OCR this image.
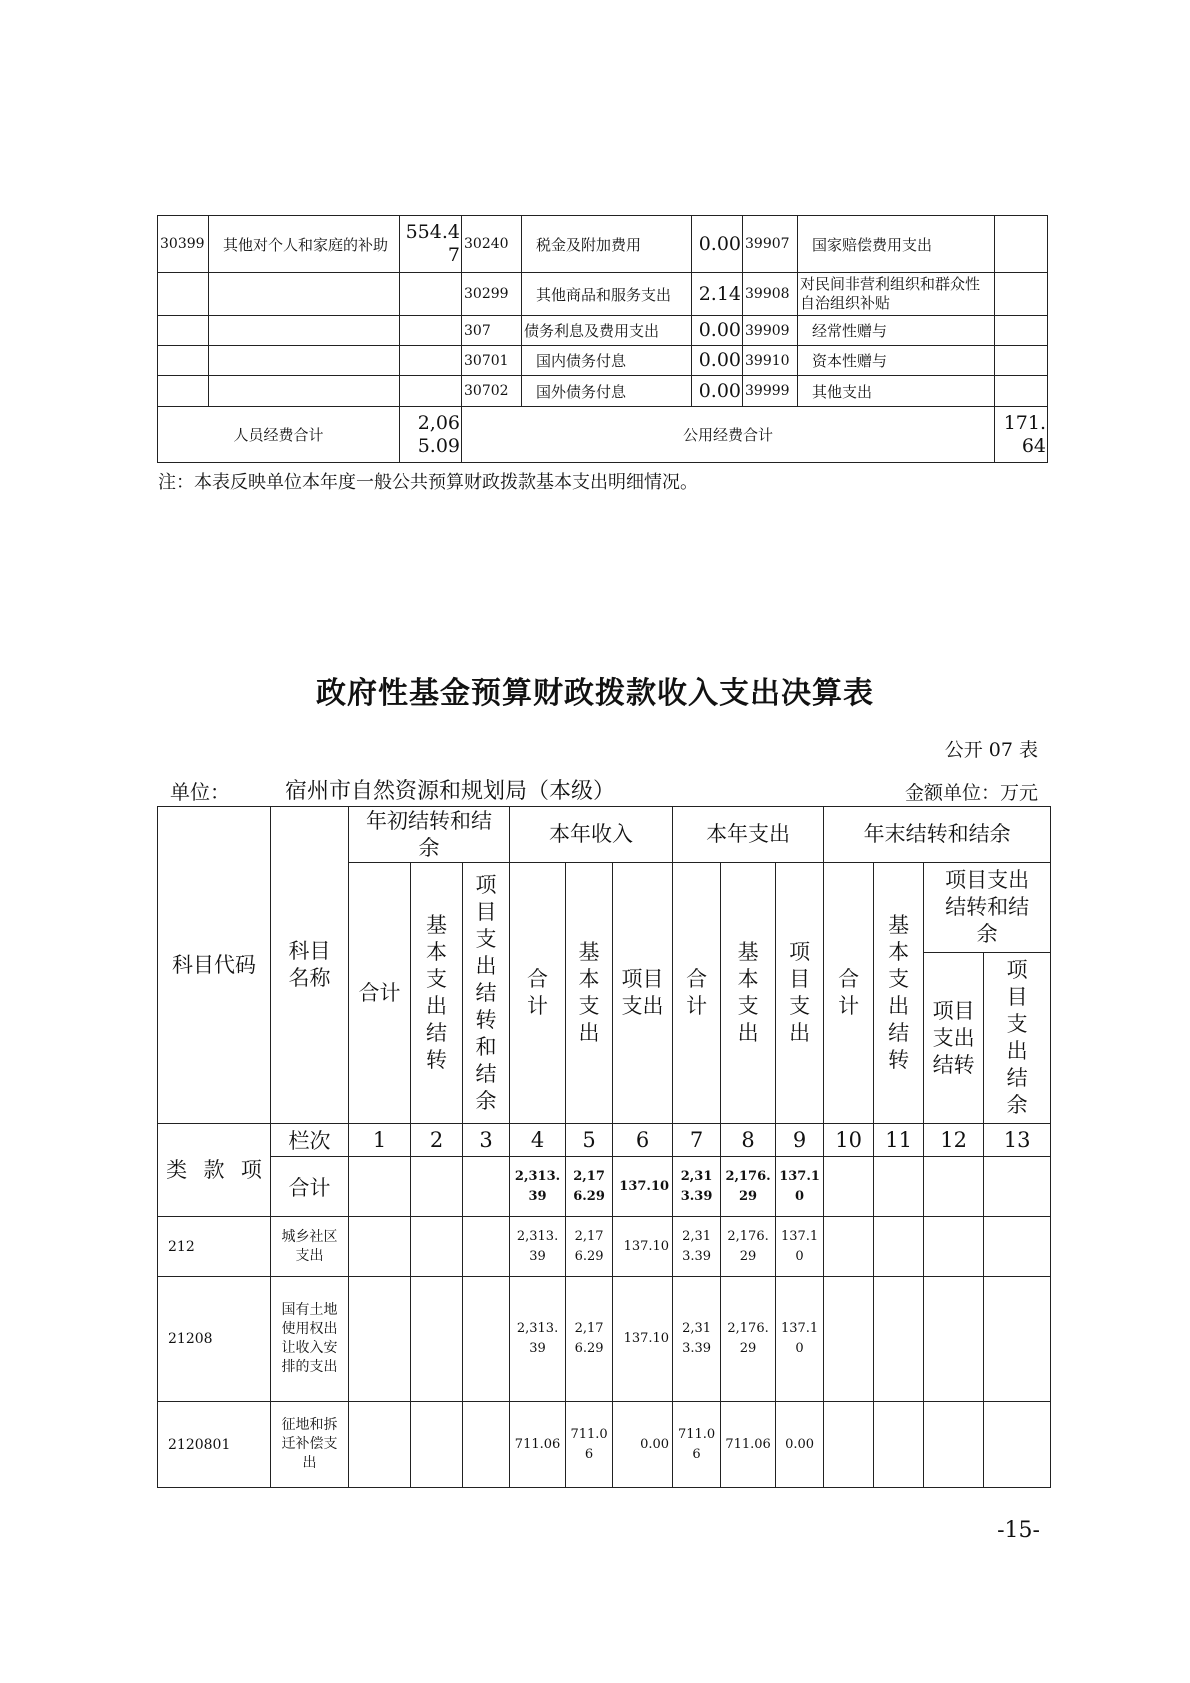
30399	其他对个人和家庭的补助	554.47	30240	税金及附加费用	0.00	39907	国家赔偿费用支出	
			30299	其他商品和服务支出	2.14	39908	对民间非营利组织和群众性自治组织补贴	
			307	债务利息及费用支出	0.00	39909	经常性赠与	
			30701	国内债务付息	0.00	39910	资本性赠与	
			30702	国外债务付息	0.00	39999	其他支出	
人员经费合计		2,065.09	公用经费合计					171.64
注：本表反映单位本年度一般公共预算财政拨款基本支出明细情况。
政府性基金预算财政拨款收入支出决算表
公开 07 表
单位：	宿州市自然资源和规划局（本级）	金额单位：万元
科目代码	科目名称	年初结转和结余			本年收入			本年支出			年末结转和结余			
		合计	基本支出结转	项目支出结转和结余	合计	基本支出	项目支出	合计	基本支出	项目支出	合计	基本支出结转	项目支出结转和结余	
													项目支出结转	项目支出结余

类 款 项	栏次	1	2	3	4	5	6	7	8	9	10	11	12	13
	合计				2,313.39	2,176.29	137.10	2,313.39	2,176.29	137.10				
212	城乡社区支出				2,313.39	2,176.29	137.10	2,313.39	2,176.29	137.10				
21208	国有土地使用权出让收入安排的支出				2,313.39	2,176.29	137.10	2,313.39	2,176.29	137.10				
2120801	征地和拆迁补偿支出				711.06	711.06	0.00	711.06	711.06	0.00				
-15-
